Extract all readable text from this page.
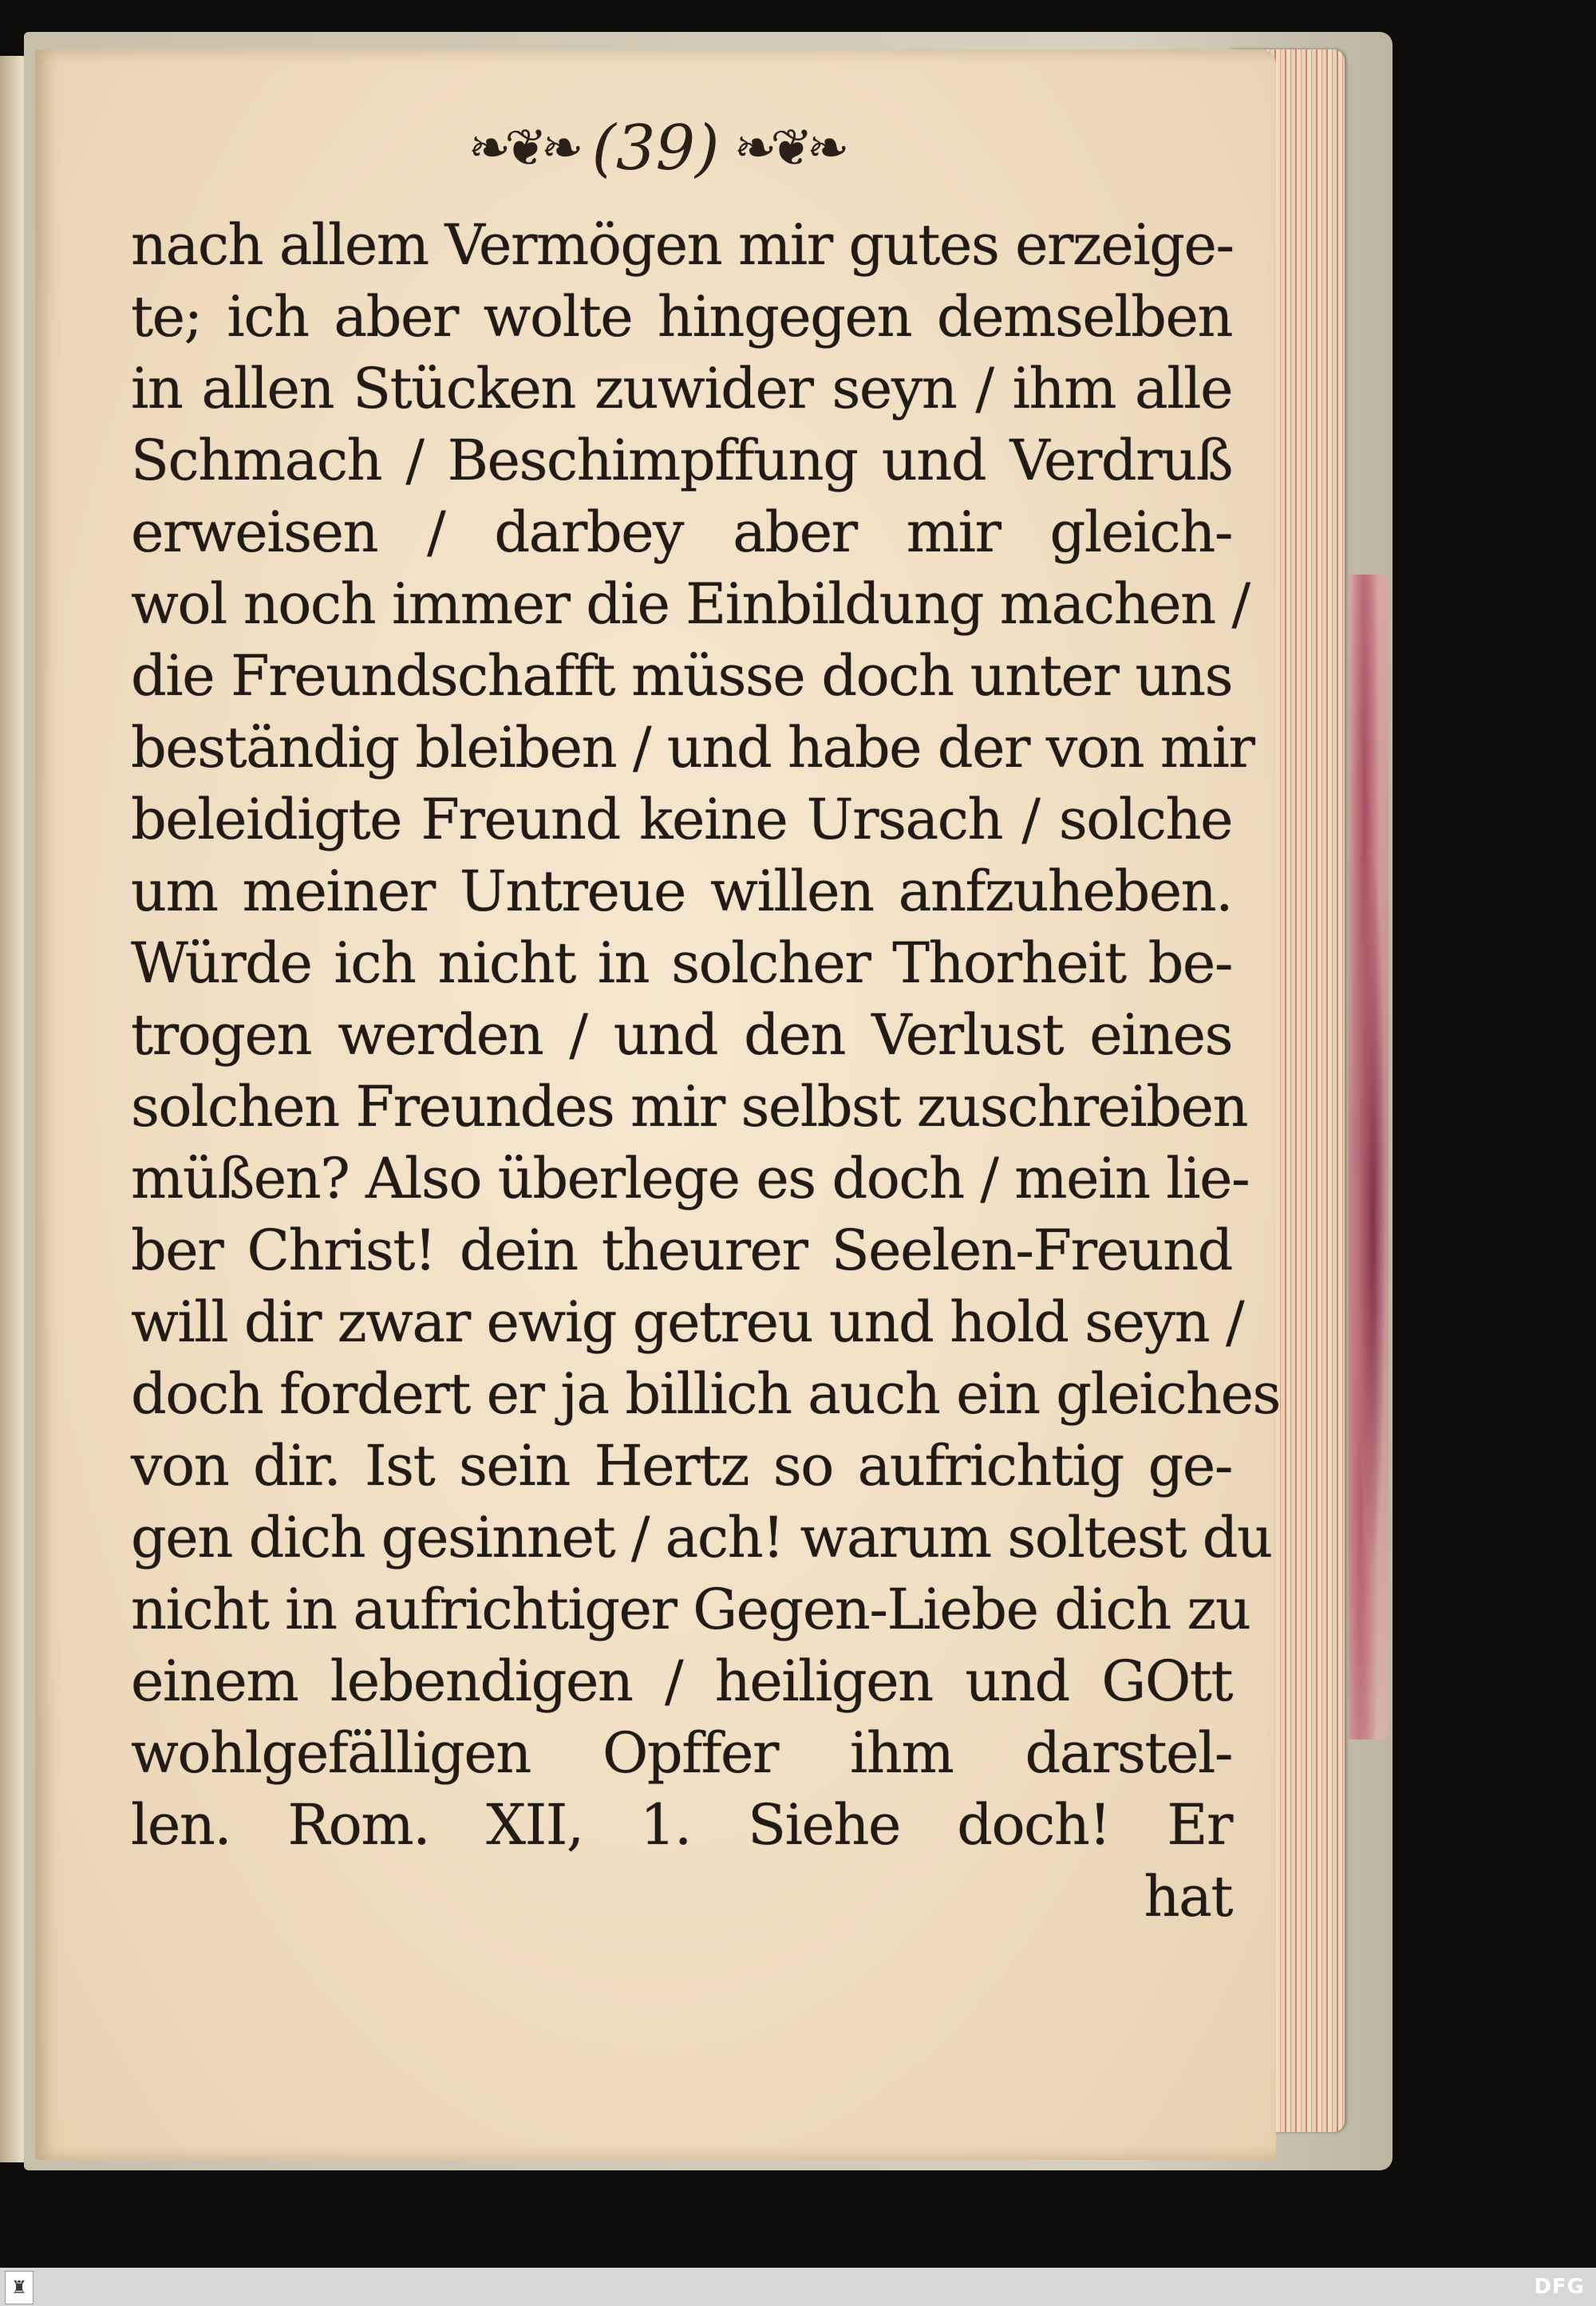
❧❦❧ (39) ❧❦❧
nach allem Vermögen mir gutes erzeige-
te; ich aber wolte hingegen demselben
in allen Stücken zuwider seyn / ihm alle
Schmach / Beschimpffung und Verdruß
erweisen / darbey aber mir gleich-
wol noch immer die Einbildung machen /
die Freundschafft müsse doch unter uns
beständig bleiben / und habe der von mir
beleidigte Freund keine Ursach / solche
um meiner Untreue willen anfzuheben.
Würde ich nicht in solcher Thorheit be-
trogen werden / und den Verlust eines
solchen Freundes mir selbst zuschreiben
müßen? Also überlege es doch / mein lie-
ber Christ! dein theurer Seelen-Freund
will dir zwar ewig getreu und hold seyn /
doch fordert er ja billich auch ein gleiches
von dir. Ist sein Hertz so aufrichtig ge-
gen dich gesinnet / ach! warum soltest du
nicht in aufrichtiger Gegen-Liebe dich zu
einem lebendigen / heiligen und GOtt
wohlgefälligen Opffer ihm darstel-
len. Rom. XII, 1. Siehe doch! Er
hat
♜	DFG
